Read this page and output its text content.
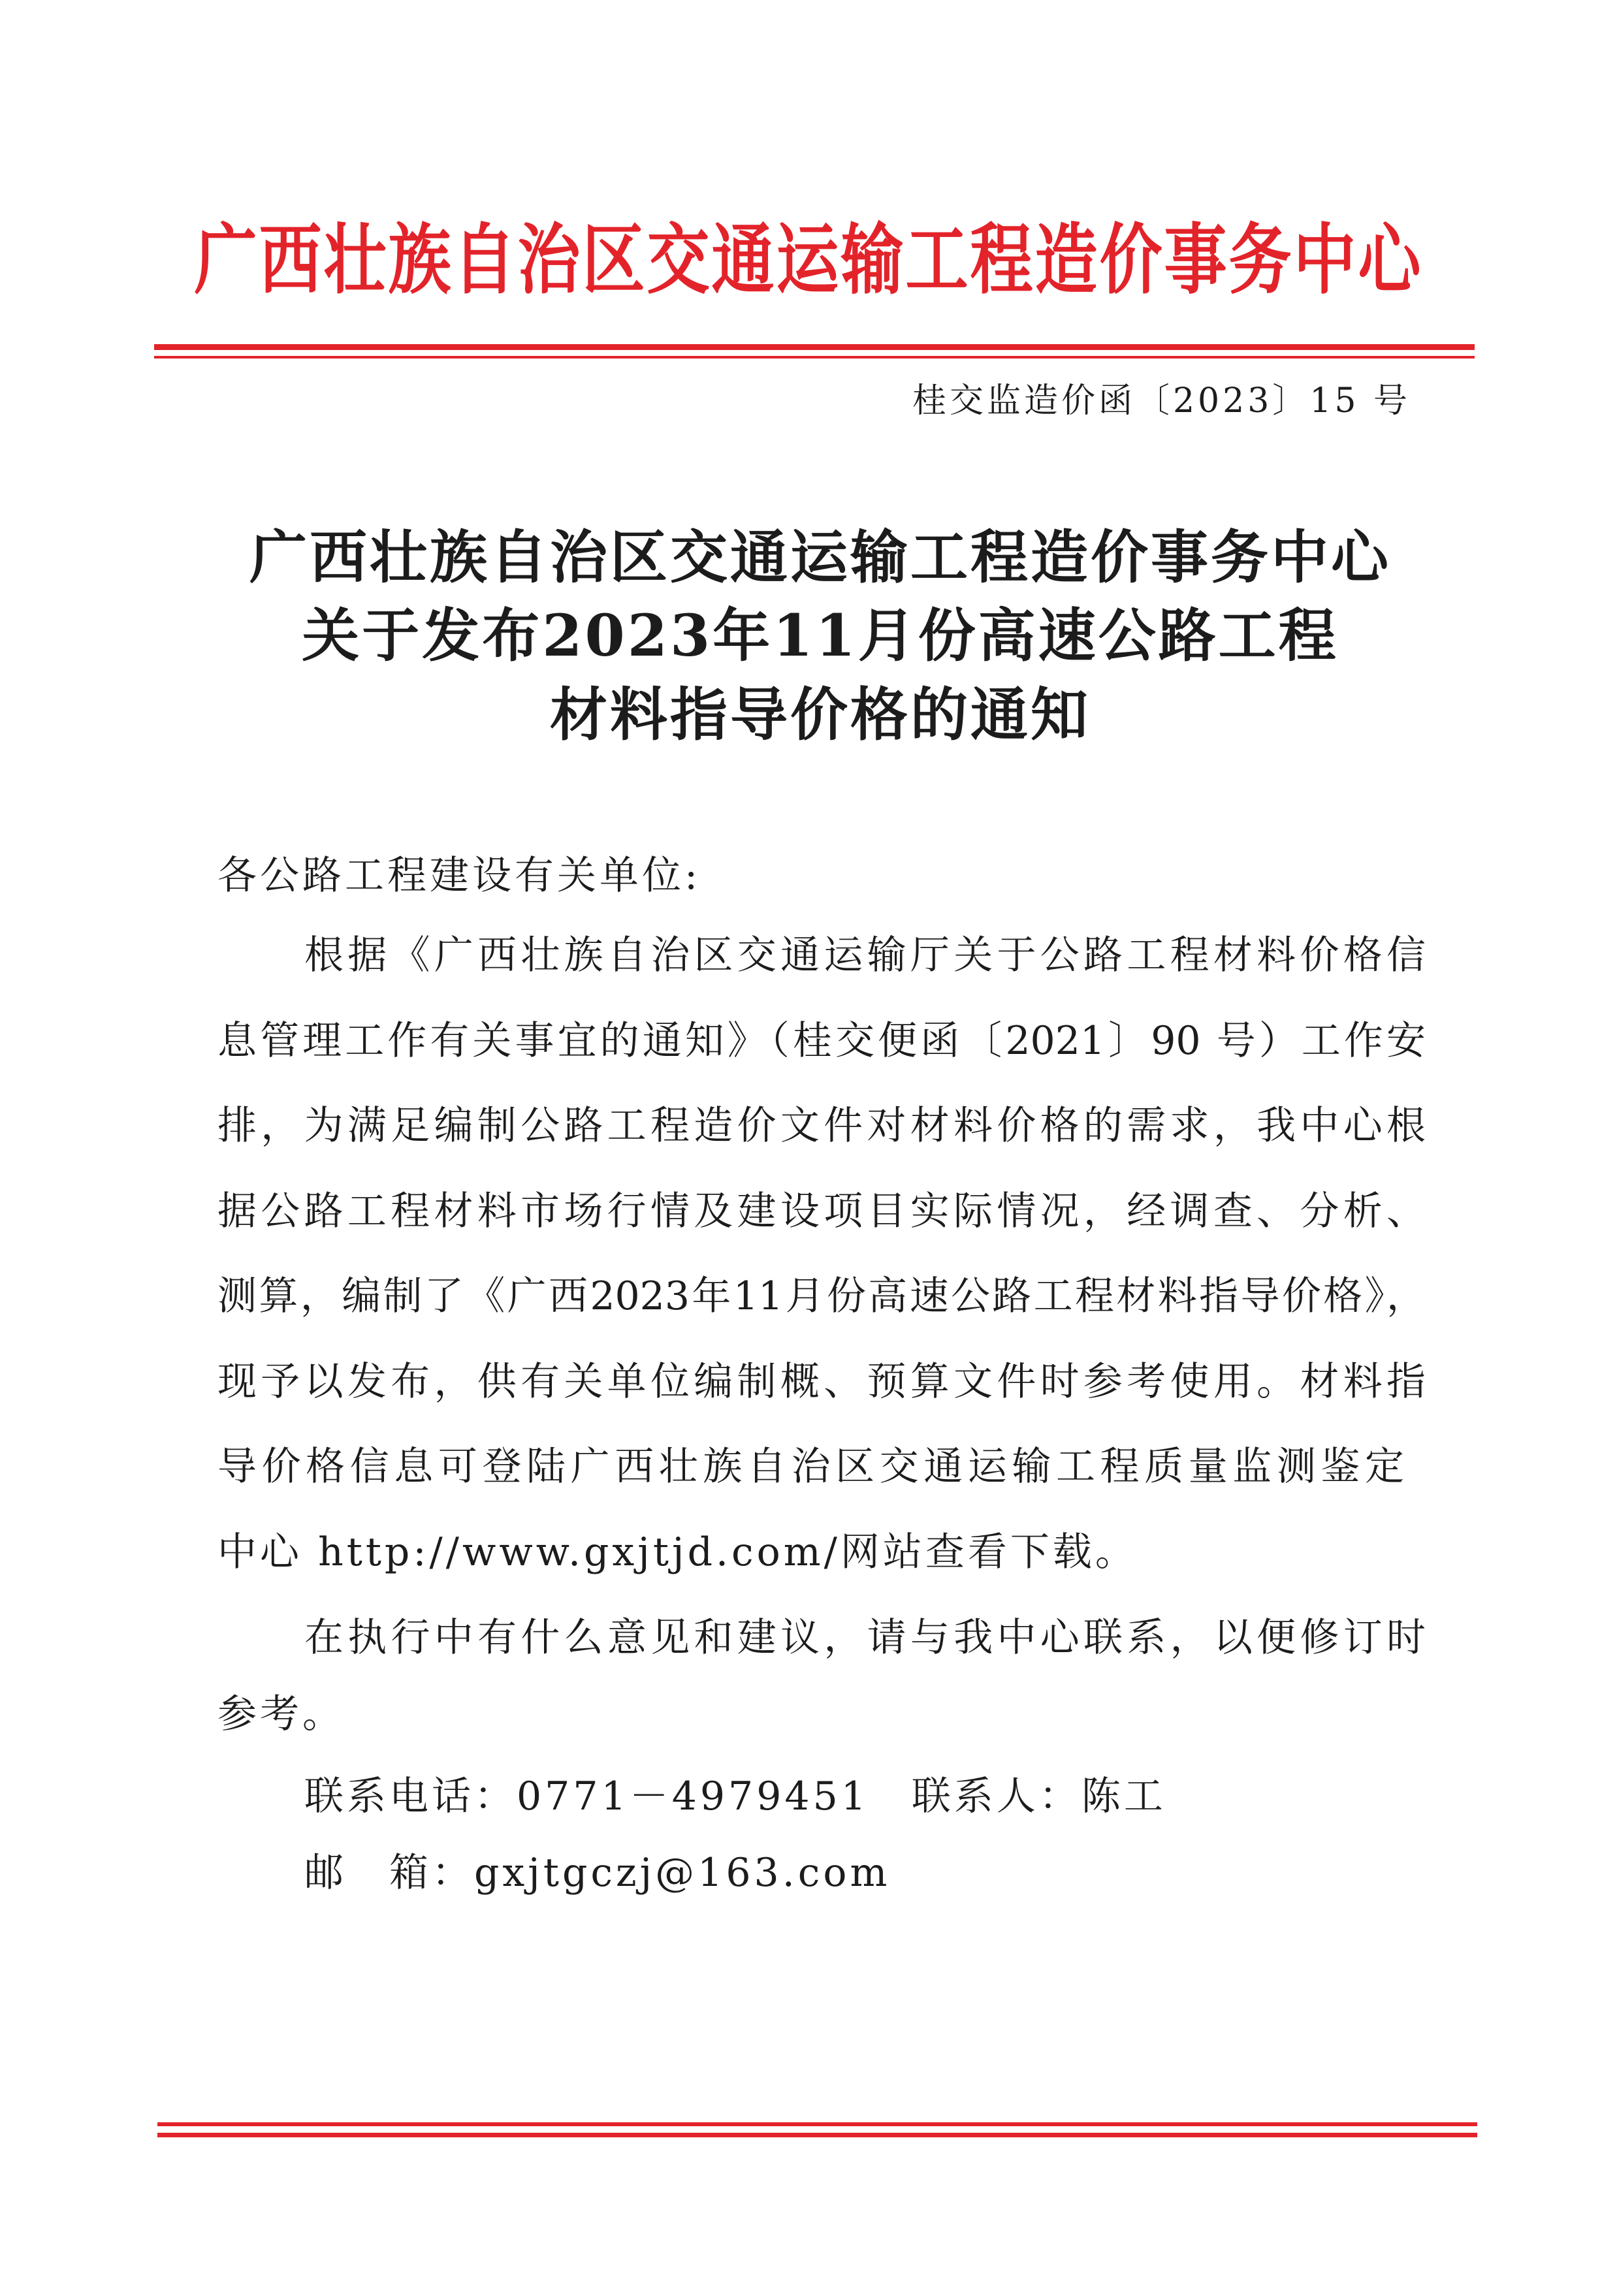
广西壮族自治区交通运输工程造价事务中心
桂交监造价函〔2023〕15 号
广西壮族自治区交通运输工程造价事务中心
关于发布2023年11月份高速公路工程
材料指导价格的通知
各公路工程建设有关单位:
根据《广西壮族自治区交通运输厅关于公路工程材料价格信
息管理工作有关事宜的通知》（桂交便函〔2021〕90 号）工作安
排，为满足编制公路工程造价文件对材料价格的需求，我中心根
据公路工程材料市场行情及建设项目实际情况，经调查、分析、
测算，编制了《广西2023年11月份高速公路工程材料指导价格》，
现予以发布，供有关单位编制概、预算文件时参考使用。材料指
导价格信息可登陆广西壮族自治区交通运输工程质量监测鉴定
中心 http://www.gxjtjd.com/网站查看下载。
在执行中有什么意见和建议，请与我中心联系，以便修订时
参考。
联系电话：0771－4979451　联系人：陈工
邮　箱：gxjtgczj@163.com
